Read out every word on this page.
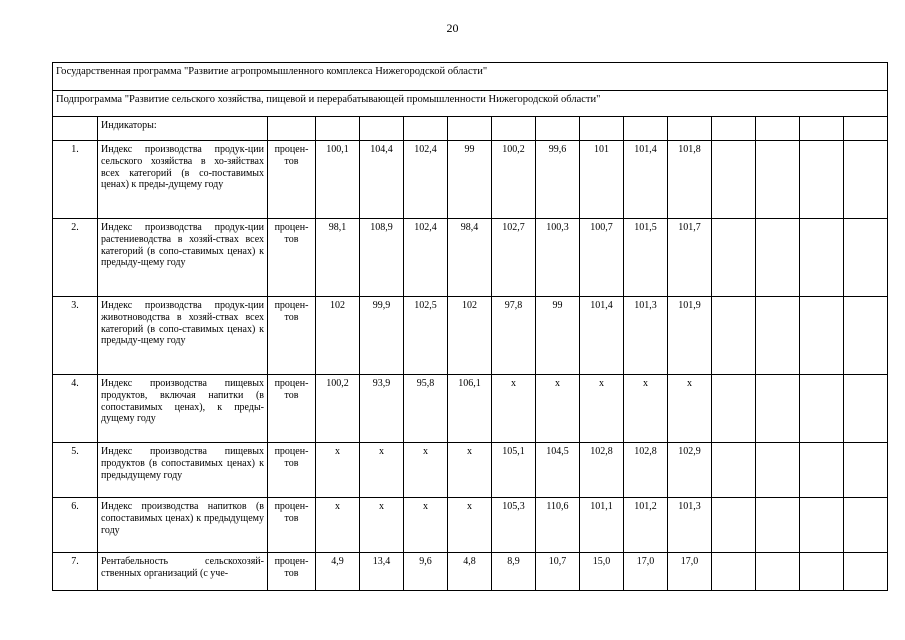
20
Государственная программа "Развитие агропромышленного комплекса Нижегородской области"															
Подпрограмма "Развитие сельского хозяйства, пищевой и перерабатывающей промышленности Нижегородской области"															
	Индикаторы:														
1.	Индекс производства продук-ции сельского хозяйства в хо-зяйствах всех категорий (в со-поставимых ценах) к преды-дущему году	процен-тов	100,1	104,4	102,4	99	100,2	99,6	101	101,4	101,8				
2.	Индекс производства продук-ции растениеводства в хозяй-ствах всех категорий (в сопо-ставимых ценах) к предыду-щему году	процен-тов	98,1	108,9	102,4	98,4	102,7	100,3	100,7	101,5	101,7				
3.	Индекс производства продук-ции животноводства в хозяй-ствах всех категорий (в сопо-ставимых ценах) к предыду-щему году	процен-тов	102	99,9	102,5	102	97,8	99	101,4	101,3	101,9				
4.	Индекс производства пищевых продуктов, включая напитки (в сопоставимых ценах), к преды-дущему году	процен-тов	100,2	93,9	95,8	106,1	x	x	x	x	x				
5.	Индекс производства пищевых продуктов (в сопоставимых ценах) к предыдущему году	процен-тов	x	x	x	x	105,1	104,5	102,8	102,8	102,9				
6.	Индекс производства напитков (в сопоставимых ценах) к предыдущему году	процен-тов	x	x	x	x	105,3	110,6	101,1	101,2	101,3				
7.	Рентабельность сельскохозяй-ственных организаций (с уче-	процен-тов	4,9	13,4	9,6	4,8	8,9	10,7	15,0	17,0	17,0				
